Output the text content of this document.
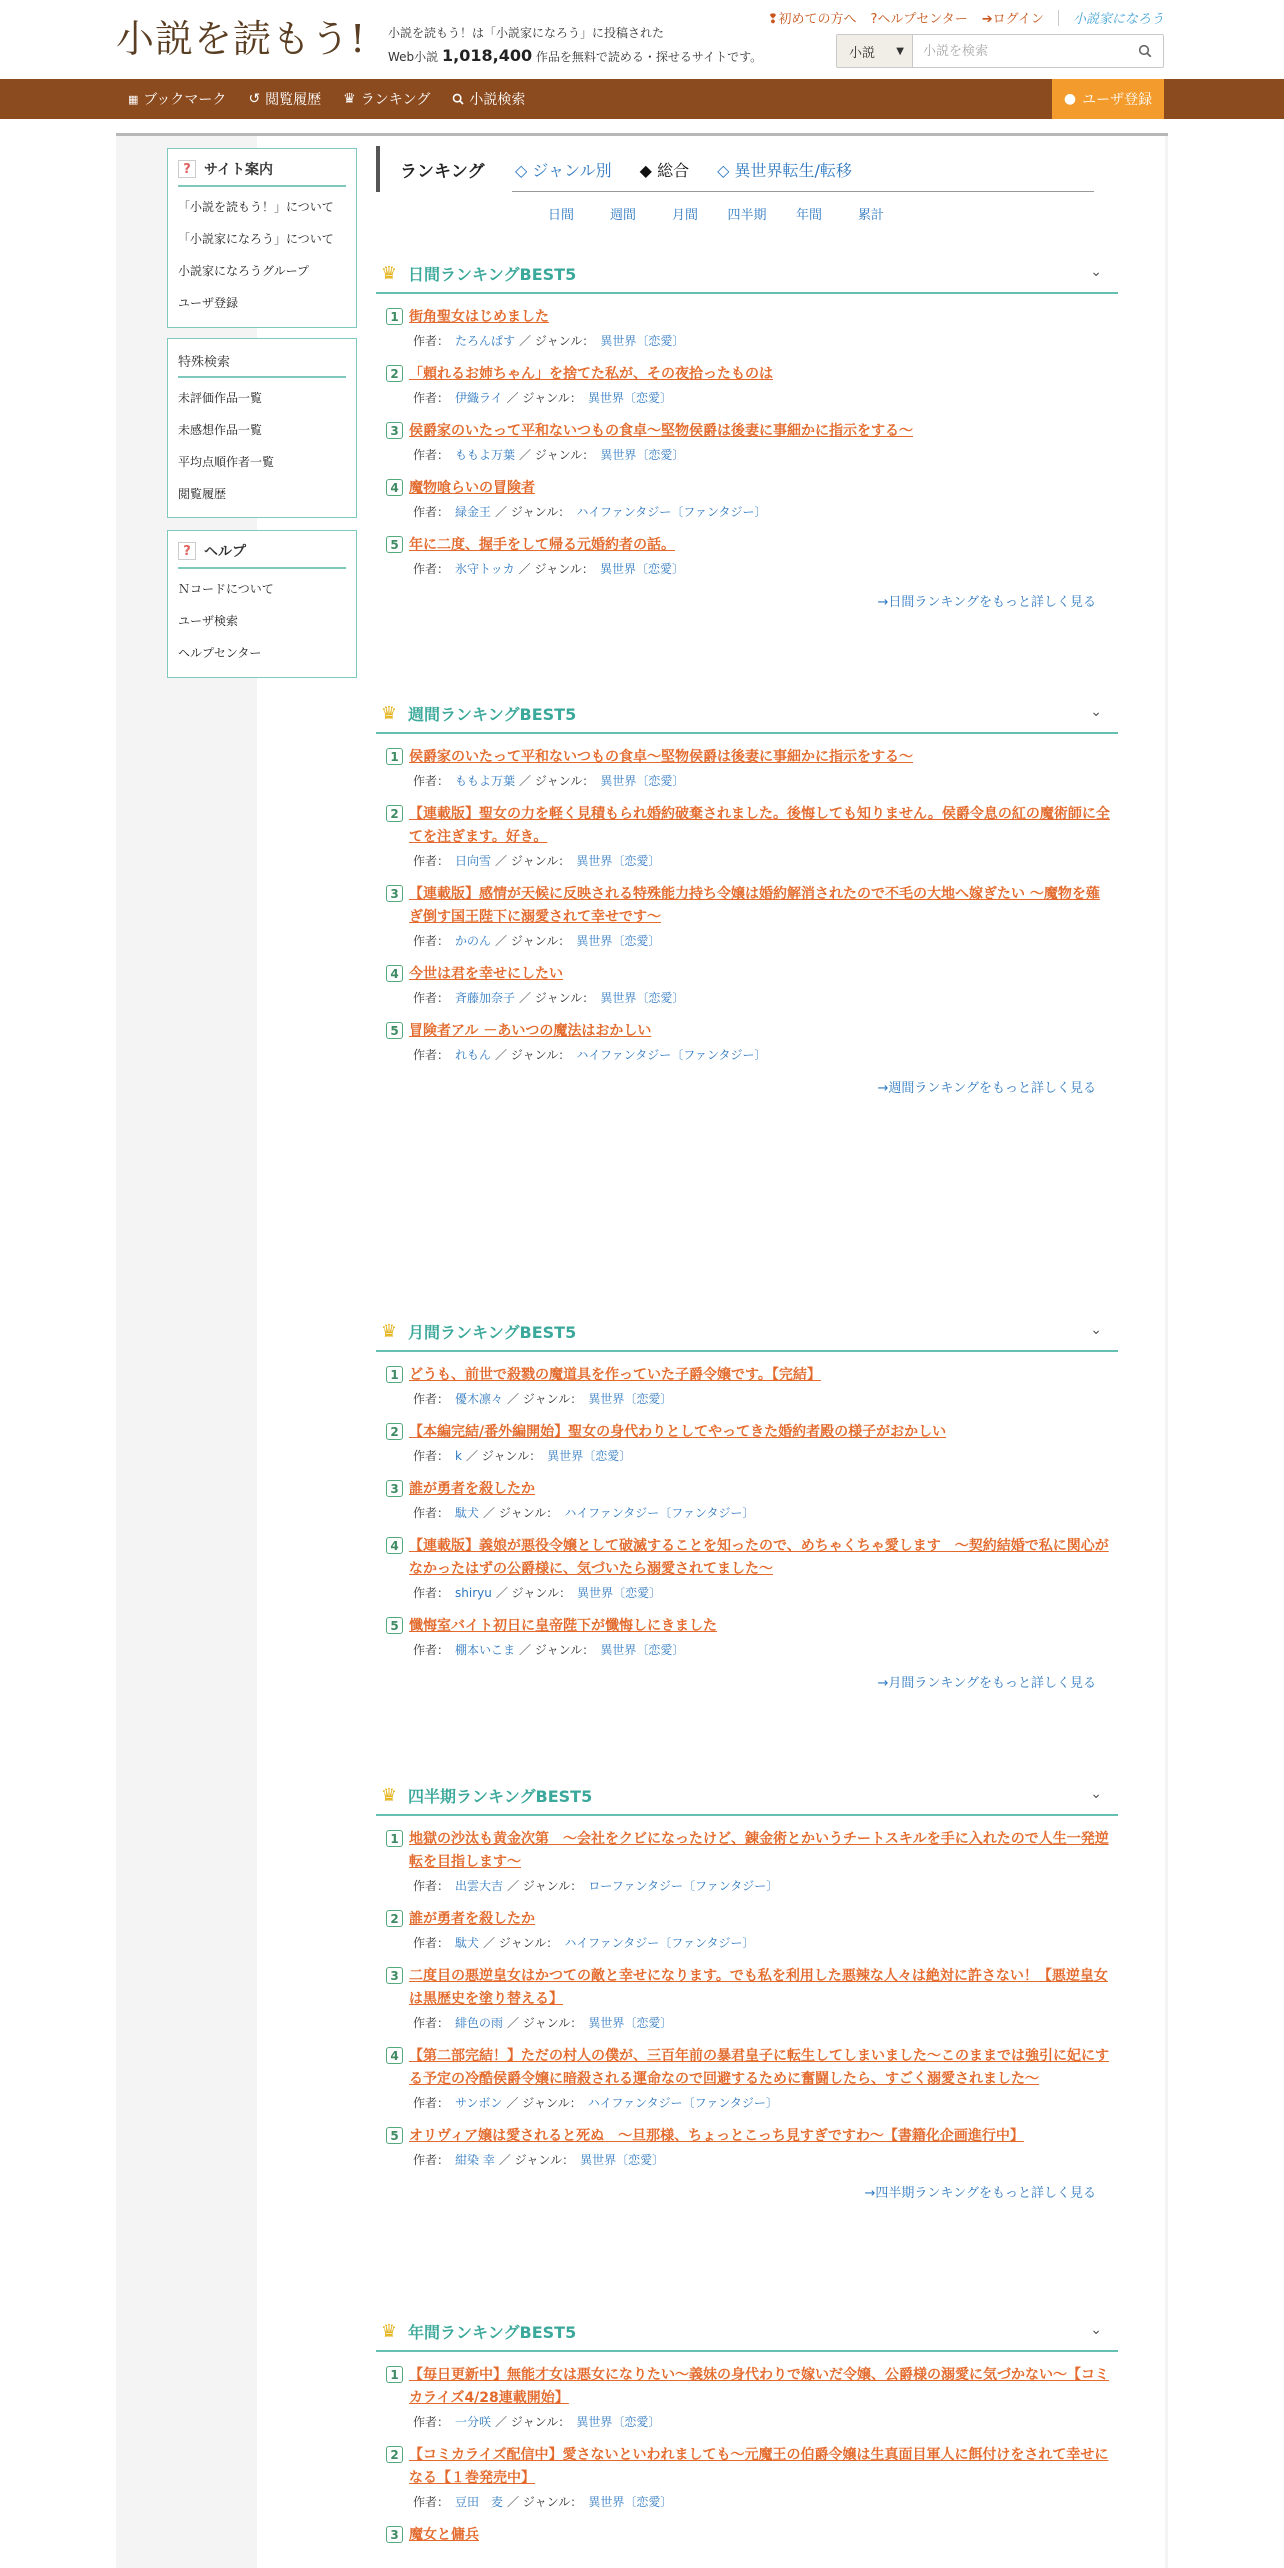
小説を読もう!	小説を読もう！は「小説家になろう」に投稿された
Web小説 1,018,400 作品を無料で読める・探せるサイトです。
❢初めての方へ ?ヘルプセンター ➔ログイン 小説家になろう
小説 ▼
小説を検索
▦ ブックマーク ↺ 閲覧履歴 ♛ ランキング	小説検索	● ユーザ登録
? サイト案内
「小説を読もう！」について
「小説家になろう」について
小説家になろうグループ
ユーザ登録
特殊検索
未評価作品一覧
未感想作品一覧
平均点順作者一覧
閲覧履歴
? ヘルプ
Ｎコードについて
ユーザ検索
ヘルプセンター
ランキング	◇ ジャンル別 ◆ 総合 ◇ 異世界転生/転移
日間	週間	月間	四半期	年間	累計
♛ 日間ランキングBEST5	⌄
1 街角聖女はじめました
作者： たろんぱす ／ ジャンル： 異世界〔恋愛〕
2 「頼れるお姉ちゃん」を捨てた私が、その夜拾ったものは
作者： 伊織ライ ／ ジャンル： 異世界〔恋愛〕
3 侯爵家のいたって平和ないつもの食卓～堅物侯爵は後妻に事細かに指示をする～
作者： ももよ万葉 ／ ジャンル： 異世界〔恋愛〕
4 魔物喰らいの冒険者
作者： 緑金王 ／ ジャンル： ハイファンタジー〔ファンタジー〕
5 年に二度、握手をして帰る元婚約者の話。
作者： 氷守トッカ ／ ジャンル： 異世界〔恋愛〕
→日間ランキングをもっと詳しく見る
♛ 週間ランキングBEST5	⌄
1 侯爵家のいたって平和ないつもの食卓～堅物侯爵は後妻に事細かに指示をする～
作者： ももよ万葉 ／ ジャンル： 異世界〔恋愛〕
2 【連載版】聖女の力を軽く見積もられ婚約破棄されました。後悔しても知りません。侯爵令息の紅の魔術師に全てを注ぎます。好き。
作者： 日向雪 ／ ジャンル： 異世界〔恋愛〕
3 【連載版】感情が天候に反映される特殊能力持ち令嬢は婚約解消されたので不毛の大地へ嫁ぎたい ～魔物を薙ぎ倒す国王陛下に溺愛されて幸せです～
作者： かのん ／ ジャンル： 異世界〔恋愛〕
4 今世は君を幸せにしたい
作者： 斉藤加奈子 ／ ジャンル： 異世界〔恋愛〕
5 冒険者アル －あいつの魔法はおかしい
作者： れもん ／ ジャンル： ハイファンタジー〔ファンタジー〕
→週間ランキングをもっと詳しく見る
♛ 月間ランキングBEST5	⌄
1 どうも、前世で殺戮の魔道具を作っていた子爵令嬢です。【完結】
作者： 優木凛々 ／ ジャンル： 異世界〔恋愛〕
2 【本編完結/番外編開始】聖女の身代わりとしてやってきた婚約者殿の様子がおかしい
作者： k ／ ジャンル： 異世界〔恋愛〕
3 誰が勇者を殺したか
作者： 駄犬 ／ ジャンル： ハイファンタジー〔ファンタジー〕
4 【連載版】義娘が悪役令嬢として破滅することを知ったので、めちゃくちゃ愛します　～契約結婚で私に関心がなかったはずの公爵様に、気づいたら溺愛されてました～
作者： shiryu ／ ジャンル： 異世界〔恋愛〕
5 懺悔室バイト初日に皇帝陛下が懺悔しにきました
作者： 棚本いこま ／ ジャンル： 異世界〔恋愛〕
→月間ランキングをもっと詳しく見る
♛ 四半期ランキングBEST5	⌄
1 地獄の沙汰も黄金次第　～会社をクビになったけど、錬金術とかいうチートスキルを手に入れたので人生一発逆転を目指します～
作者： 出雲大吉 ／ ジャンル： ローファンタジー〔ファンタジー〕
2 誰が勇者を殺したか
作者： 駄犬 ／ ジャンル： ハイファンタジー〔ファンタジー〕
3 二度目の悪逆皇女はかつての敵と幸せになります。でも私を利用した悪辣な人々は絶対に許さない！【悪逆皇女は黒歴史を塗り替える】
作者： 緋色の雨 ／ ジャンル： 異世界〔恋愛〕
4 【第二部完結！】ただの村人の僕が、三百年前の暴君皇子に転生してしまいました～このままでは強引に妃にする予定の冷酷侯爵令嬢に暗殺される運命なので回避するために奮闘したら、すごく溺愛されました～
作者： サンボン ／ ジャンル： ハイファンタジー〔ファンタジー〕
5 オリヴィア嬢は愛されると死ぬ　～旦那様、ちょっとこっち見すぎですわ～【書籍化企画進行中】
作者： 紺染 幸 ／ ジャンル： 異世界〔恋愛〕
→四半期ランキングをもっと詳しく見る
♛ 年間ランキングBEST5	⌄
1 【毎日更新中】無能才女は悪女になりたい～義妹の身代わりで嫁いだ令嬢、公爵様の溺愛に気づかない～【コミカライズ4/28連載開始】
作者： 一分咲 ／ ジャンル： 異世界〔恋愛〕
2 【コミカライズ配信中】愛さないといわれましても～元魔王の伯爵令嬢は生真面目軍人に餌付けをされて幸せになる【１巻発売中】
作者： 豆田　麦 ／ ジャンル： 異世界〔恋愛〕
3 魔女と傭兵
